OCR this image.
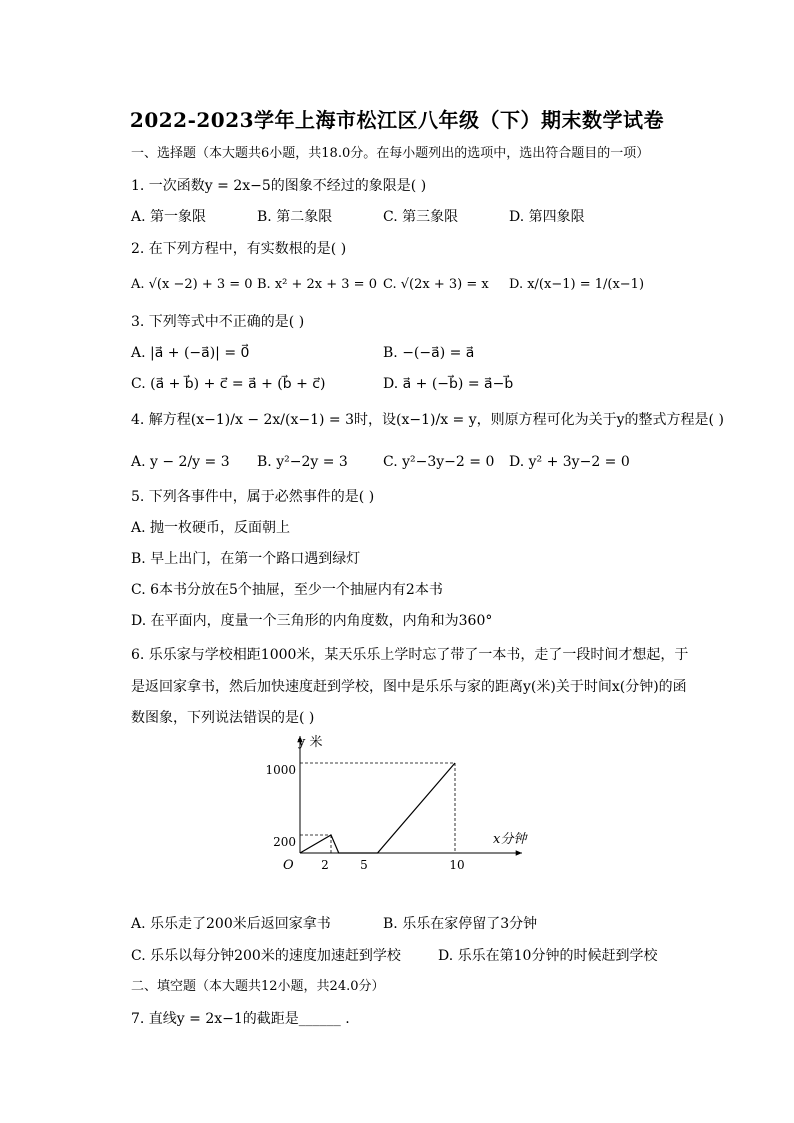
2022-2023学年上海市松江区八年级（下）期末数学试卷
一、选择题（本大题共6小题，共18.0分。在每小题列出的选项中，选出符合题目的一项）
1. 一次函数y = 2x−5的图象不经过的象限是( )
A. 第一象限	B. 第二象限	C. 第三象限	D. 第四象限
2. 在下列方程中，有实数根的是( )
A. √(x −2) + 3 = 0 B. x² + 2x + 3 = 0 C. √(2x + 3) = x D. x/(x−1) = 1/(x−1)
3. 下列等式中不正确的是( )
A. |a⃗ + (−a⃗)| = 0⃗	B. −(−a⃗) = a⃗
C. (a⃗ + b⃗) + c⃗ = a⃗ + (b⃗ + c⃗)	D. a⃗ + (−b⃗) = a⃗−b⃗
4. 解方程(x−1)/x − 2x/(x−1) = 3时，设(x−1)/x = y，则原方程可化为关于y的整式方程是( )
A. y − 2/y = 3 B. y²−2y = 3	C. y²−3y−2 = 0 D. y² + 3y−2 = 0
5. 下列各事件中，属于必然事件的是( )
A. 抛一枚硬币，反面朝上
B. 早上出门，在第一个路口遇到绿灯
C. 6本书分放在5个抽屉，至少一个抽屉内有2本书
D. 在平面内，度量一个三角形的内角度数，内角和为360°
6. 乐乐家与学校相距1000米，某天乐乐上学时忘了带了一本书，走了一段时间才想起，于
是返回家拿书，然后加快速度赶到学校，图中是乐乐与家的距离y(米)关于时间x(分钟)的函
数图象，下列说法错误的是( )
y 米
x分钟
O 2	5	10
200
1000
A. 乐乐走了200米后返回家拿书	B. 乐乐在家停留了3分钟
C. 乐乐以每分钟200米的速度加速赶到学校	D. 乐乐在第10分钟的时候赶到学校
二、填空题（本大题共12小题，共24.0分）
7. 直线y = 2x−1的截距是______ .
